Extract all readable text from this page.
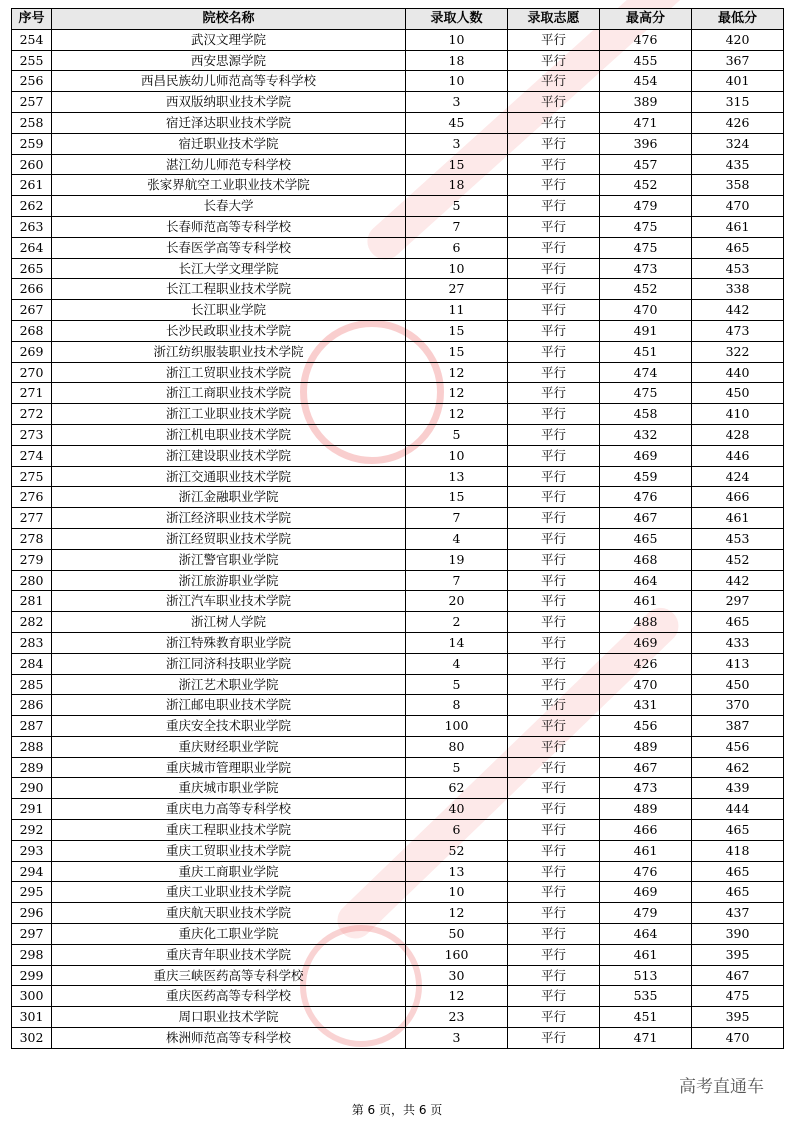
序号	院校名称	录取人数	录取志愿	最高分	最低分
254	武汉文理学院	10	平行	476	420
255	西安思源学院	18	平行	455	367
256	西昌民族幼儿师范高等专科学校	10	平行	454	401
257	西双版纳职业技术学院	3	平行	389	315
258	宿迁泽达职业技术学院	45	平行	471	426
259	宿迁职业技术学院	3	平行	396	324
260	湛江幼儿师范专科学校	15	平行	457	435
261	张家界航空工业职业技术学院	18	平行	452	358
262	长春大学	5	平行	479	470
263	长春师范高等专科学校	7	平行	475	461
264	长春医学高等专科学校	6	平行	475	465
265	长江大学文理学院	10	平行	473	453
266	长江工程职业技术学院	27	平行	452	338
267	长江职业学院	11	平行	470	442
268	长沙民政职业技术学院	15	平行	491	473
269	浙江纺织服装职业技术学院	15	平行	451	322
270	浙江工贸职业技术学院	12	平行	474	440
271	浙江工商职业技术学院	12	平行	475	450
272	浙江工业职业技术学院	12	平行	458	410
273	浙江机电职业技术学院	5	平行	432	428
274	浙江建设职业技术学院	10	平行	469	446
275	浙江交通职业技术学院	13	平行	459	424
276	浙江金融职业学院	15	平行	476	466
277	浙江经济职业技术学院	7	平行	467	461
278	浙江经贸职业技术学院	4	平行	465	453
279	浙江警官职业学院	19	平行	468	452
280	浙江旅游职业学院	7	平行	464	442
281	浙江汽车职业技术学院	20	平行	461	297
282	浙江树人学院	2	平行	488	465
283	浙江特殊教育职业学院	14	平行	469	433
284	浙江同济科技职业学院	4	平行	426	413
285	浙江艺术职业学院	5	平行	470	450
286	浙江邮电职业技术学院	8	平行	431	370
287	重庆安全技术职业学院	100	平行	456	387
288	重庆财经职业学院	80	平行	489	456
289	重庆城市管理职业学院	5	平行	467	462
290	重庆城市职业学院	62	平行	473	439
291	重庆电力高等专科学校	40	平行	489	444
292	重庆工程职业技术学院	6	平行	466	465
293	重庆工贸职业技术学院	52	平行	461	418
294	重庆工商职业学院	13	平行	476	465
295	重庆工业职业技术学院	10	平行	469	465
296	重庆航天职业技术学院	12	平行	479	437
297	重庆化工职业学院	50	平行	464	390
298	重庆青年职业技术学院	160	平行	461	395
299	重庆三峡医药高等专科学校	30	平行	513	467
300	重庆医药高等专科学校	12	平行	535	475
301	周口职业技术学院	23	平行	451	395
302	株洲师范高等专科学校	3	平行	471	470
高考直通车
第 6 页，共 6 页
